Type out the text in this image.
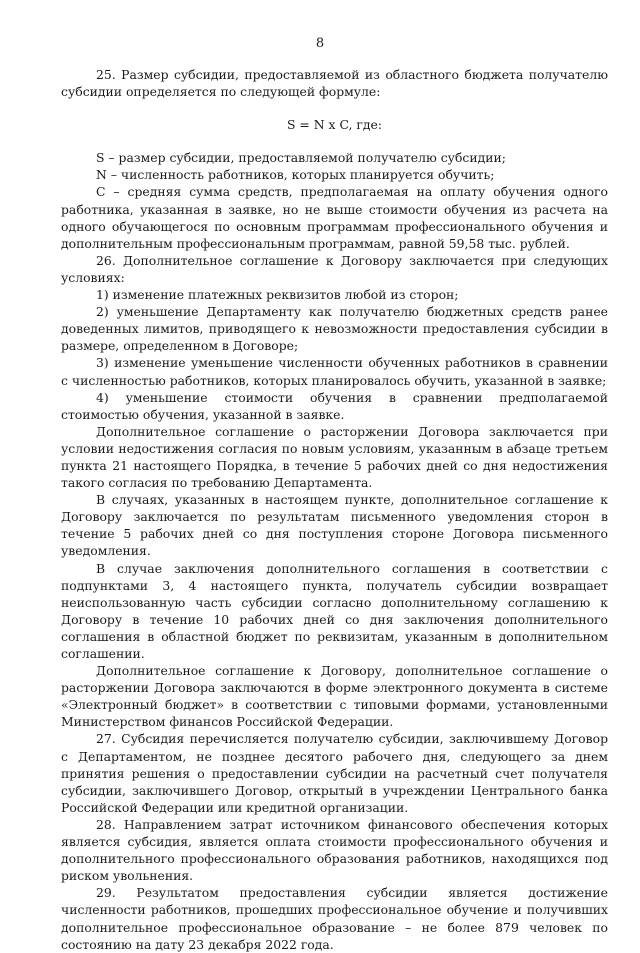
8

25. Размер субсидии, предоставляемой из областного бюджета получателю субсидии определяется по следующей формуле:

S = N x C, где:

S – размер субсидии, предоставляемой получателю субсидии;

N – численность работников, которых планируется обучить;

С – средняя сумма средств, предполагаемая на оплату обучения одного работника, указанная в заявке, но не выше стоимости обучения из расчета на одного обучающегося по основным программам профессионального обучения и дополнительным профессиональным программам, равной 59,58 тыс. рублей.

26. Дополнительное соглашение к Договору заключается при следующих условиях:

1) изменение платежных реквизитов любой из сторон;

2) уменьшение Департаменту как получателю бюджетных средств ранее доведенных лимитов, приводящего к невозможности предоставления субсидии в размере, определенном в Договоре;

3) изменение уменьшение численности обученных работников в сравнении с численностью работников, которых планировалось обучить, указанной в заявке;

4) уменьшение стоимости обучения в сравнении предполагаемой стоимостью обучения, указанной в заявке.

Дополнительное соглашение о расторжении Договора заключается при условии недостижения согласия по новым условиям, указанным в абзаце третьем пункта 21 настоящего Порядка, в течение 5 рабочих дней со дня недостижения такого согласия по требованию Департамента.

В случаях, указанных в настоящем пункте, дополнительное соглашение к Договору заключается по результатам письменного уведомления сторон в течение 5 рабочих дней со дня поступления стороне Договора письменного уведомления.

В случае заключения дополнительного соглашения в соответствии с подпунктами 3, 4 настоящего пункта, получатель субсидии возвращает неиспользованную часть субсидии согласно дополнительному соглашению к Договору в течение 10 рабочих дней со дня заключения дополнительного соглашения в областной бюджет по реквизитам, указанным в дополнительном соглашении.

Дополнительное соглашение к Договору, дополнительное соглашение о расторжении Договора заключаются в форме электронного документа в системе «Электронный бюджет» в соответствии с типовыми формами, установленными Министерством финансов Российской Федерации.

27. Субсидия перечисляется получателю субсидии, заключившему Договор с Департаментом, не позднее десятого рабочего дня, следующего за днем принятия решения о предоставлении субсидии на расчетный счет получателя субсидии, заключившего Договор, открытый в учреждении Центрального банка Российской Федерации или кредитной организации.

28. Направлением затрат источником финансового обеспечения которых является субсидия, является оплата стоимости профессионального обучения и дополнительного профессионального образования работников, находящихся под риском увольнения.

29. Результатом предоставления субсидии является достижение численности работников, прошедших профессиональное обучение и получивших дополнительное профессиональное образование – не более 879 человек по состоянию на дату 23 декабря 2022 года.
